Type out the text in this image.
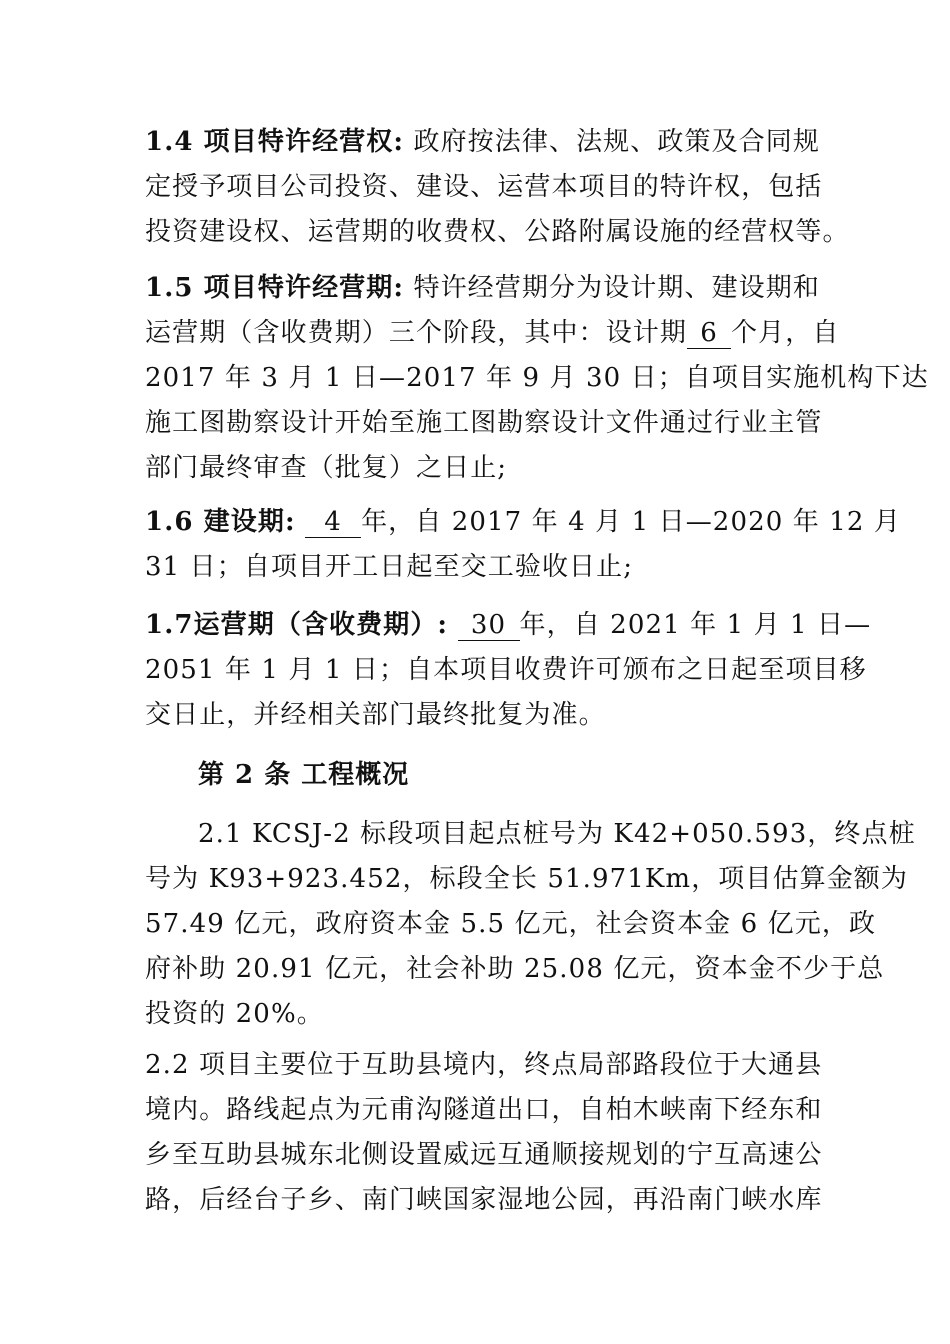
1.4 项目特许经营权: 政府按法律、法规、政策及合同规
定授予项目公司投资、建设、运营本项目的特许权，包括
投资建设权、运营期的收费权、公路附属设施的经营权等。
1.5 项目特许经营期: 特许经营期分为设计期、建设期和
运营期（含收费期）三个阶段，其中：设计期 6 个月，自
2017 年 3 月 1 日—2017 年 9 月 30 日；自项目实施机构下达
施工图勘察设计开始至施工图勘察设计文件通过行业主管
部门最终审查（批复）之日止;
1.6 建设期: 4 年，自 2017 年 4 月 1 日—2020 年 12 月
31 日；自项目开工日起至交工验收日止;
1.7运营期（含收费期）: 30 年，自 2021 年 1 月 1 日—
2051 年 1 月 1 日；自本项目收费许可颁布之日起至项目移
交日止，并经相关部门最终批复为准。
第 2 条 工程概况
2.1 KCSJ-2 标段项目起点桩号为 K42+050.593，终点桩
号为 K93+923.452，标段全长 51.971Km，项目估算金额为
57.49 亿元，政府资本金 5.5 亿元，社会资本金 6 亿元，政
府补助 20.91 亿元，社会补助 25.08 亿元，资本金不少于总
投资的 20%。
2.2 项目主要位于互助县境内，终点局部路段位于大通县
境内。路线起点为元甫沟隧道出口，自柏木峡南下经东和
乡至互助县城东北侧设置威远互通顺接规划的宁互高速公
路，后经台子乡、南门峡国家湿地公园，再沿南门峡水库
